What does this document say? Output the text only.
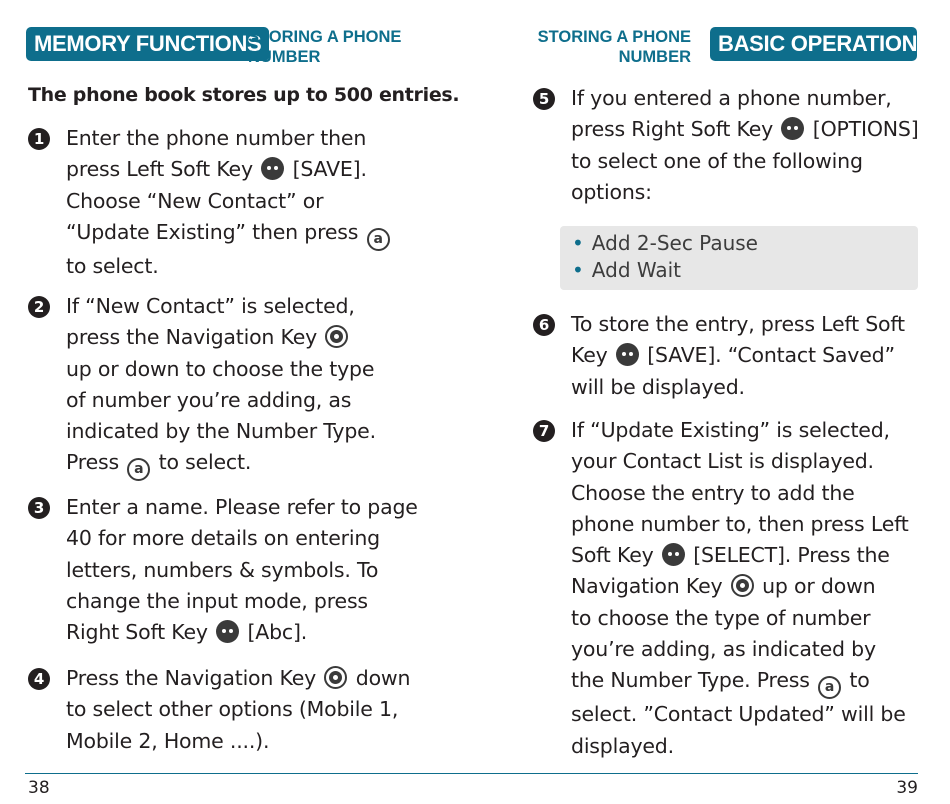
MEMORY FUNCTIONS
STORING A PHONE
NUMBER
STORING A PHONE
NUMBER
BASIC OPERATION
The phone book stores up to 500 entries.
1 Enter the phone number then
press Left Soft Key [SAVE].
Choose “New Contact” or
“Update Existing” then press a
to select.
2 If “New Contact” is selected,
press the Navigation Key
up or down to choose the type
of number you’re adding, as
indicated by the Number Type.
Press a to select.
3 Enter a name. Please refer to page
40 for more details on entering
letters, numbers & symbols. To
change the input mode, press
Right Soft Key [Abc].
4 Press the Navigation Key down
to select other options (Mobile 1,
Mobile 2, Home ....).
5 If you entered a phone number,
press Right Soft Key [OPTIONS]
to select one of the following
options:
• Add 2-Sec Pause
• Add Wait
6 To store the entry, press Left Soft
Key [SAVE]. “Contact Saved”
will be displayed.
7 If “Update Existing” is selected,
your Contact List is displayed.
Choose the entry to add the
phone number to, then press Left
Soft Key [SELECT]. Press the
Navigation Key up or down
to choose the type of number
you’re adding, as indicated by
the Number Type. Press a to
select. ”Contact Updated” will be
displayed.
38	39
